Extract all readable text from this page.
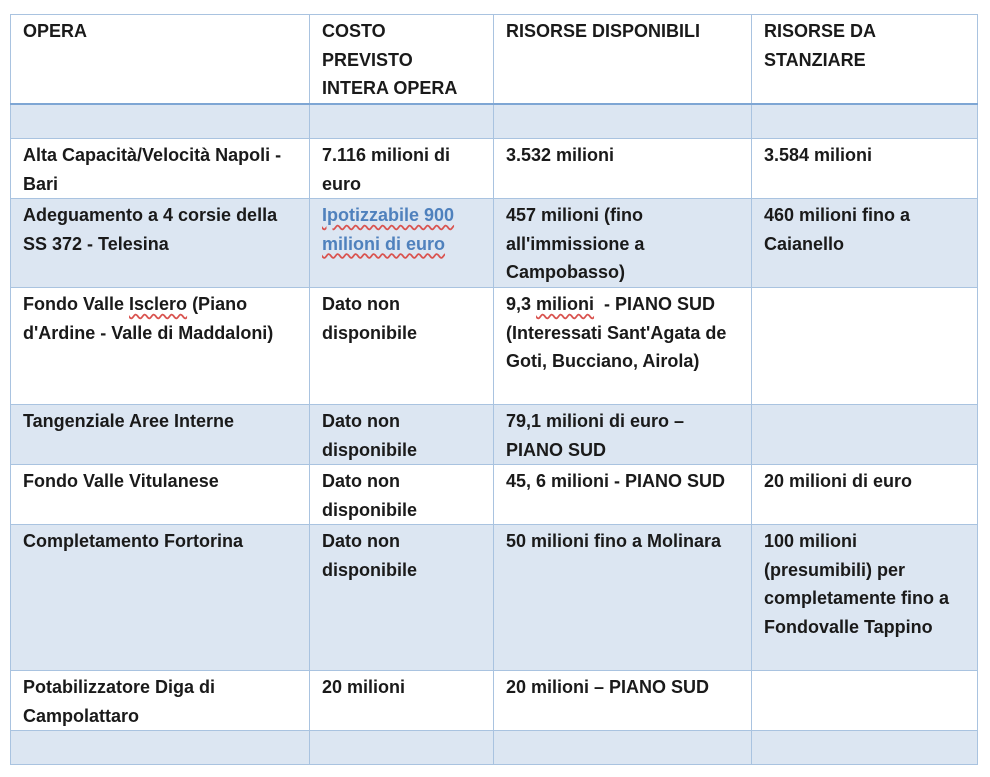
OPERA	COSTO PREVISTO INTERA OPERA	RISORSE DISPONIBILI	RISORSE DA STANZIARE

Alta Capacità/Velocità Napoli - Bari	7.116 milioni di euro	3.532 milioni	3.584 milioni
Adeguamento a 4 corsie della SS 372 - Telesina	Ipotizzabile 900 milioni di euro	457 milioni (fino all'immissione a Campobasso)	460 milioni fino a Caianello
Fondo Valle Isclero (Piano d'Ardine - Valle di Maddaloni)	Dato non disponibile	9,3 milioni  - PIANO SUD (Interessati Sant'Agata de Goti, Bucciano, Airola)	
Tangenziale Aree Interne	Dato non disponibile	79,1 milioni di euro – PIANO SUD	
Fondo Valle Vitulanese	Dato non disponibile	45, 6 milioni - PIANO SUD	20 milioni di euro
Completamento Fortorina	Dato non disponibile	50 milioni fino a Molinara	100 milioni (presumibili) per completamente fino a Fondovalle Tappino
Potabilizzatore Diga di Campolattaro	20 milioni	20 milioni – PIANO SUD	
